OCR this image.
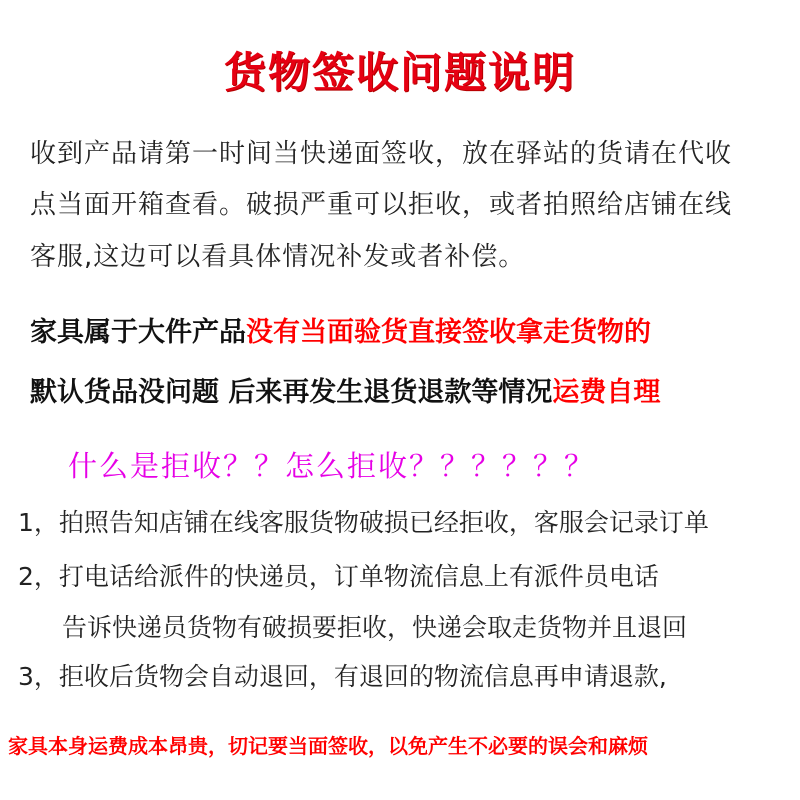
货物签收问题说明

收到产品请第一时间当快递面签收，放在驿站的货请在代收

点当面开箱查看。破损严重可以拒收，或者拍照给店铺在线

客服,这边可以看具体情况补发或者补偿。

家具属于大件产品没有当面验货直接签收拿走货物的

默认货品没问题 后来再发生退货退款等情况运费自理

什么是拒收？？怎么拒收？？？？？？

1，拍照告知店铺在线客服货物破损已经拒收，客服会记录订单

2，打电话给派件的快递员，订单物流信息上有派件员电话

告诉快递员货物有破损要拒收，快递会取走货物并且退回

3，拒收后货物会自动退回，有退回的物流信息再申请退款,

家具本身运费成本昂贵，切记要当面签收，以免产生不必要的误会和麻烦
